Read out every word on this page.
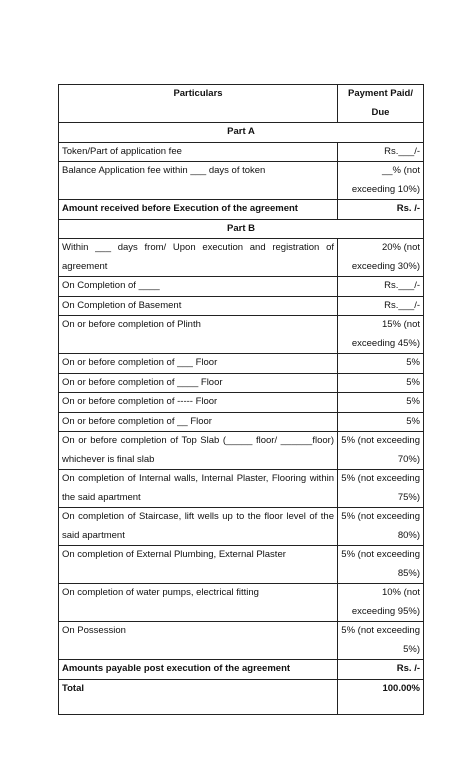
Particulars	Payment Paid/ Due
Part A	
Token/Part of application fee	Rs.___/-
Balance Application fee within ___ days of token	__% (not exceeding 10%)
Amount received before Execution of the agreement	Rs. /-
Part B	
Within ___ days from/ Upon execution and registration of agreement	20% (not exceeding 30%)
On Completion of ____	Rs.___/-
On Completion of Basement	Rs.___/-
On or before completion of Plinth	15% (not exceeding 45%)
On or before completion of ___ Floor	5%
On or before completion of ____ Floor	5%
On or before completion of ----- Floor	5%
On or before completion of __ Floor	5%
On or before completion of Top Slab (_____ floor/ ______floor) whichever is final slab	5% (not exceeding 70%)
On completion of Internal walls, Internal Plaster, Flooring within the said apartment	5% (not exceeding 75%)
On completion of Staircase, lift wells up to the floor level of the said apartment	5% (not exceeding 80%)
On completion of External Plumbing, External Plaster	5% (not exceeding 85%)
On completion of water pumps, electrical fitting	10% (not exceeding 95%)
On Possession	5% (not exceeding 5%)
Amounts payable post execution of the agreement	Rs. /-
Total	100.00%
